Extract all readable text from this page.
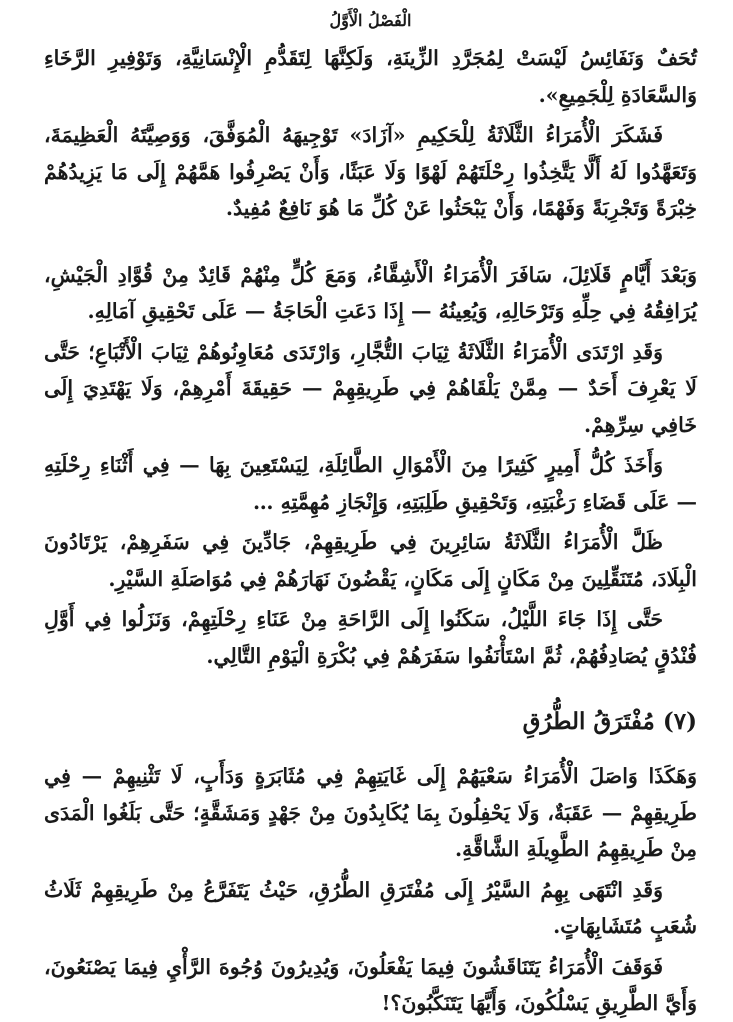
الْفَصْلُ الْأَوَّلُ

تُحَفٌ وَنَفَائِسُ لَيْسَتْ لِمُجَرَّدِ الزِّينَةِ، وَلَكِنَّهَا لِتَقَدُّمِ الْإِنْسَانِيَّةِ، وَتَوْفِيرِ الرَّخَاءِ وَالسَّعَادَةِ لِلْجَمِيعِ».

فَشَكَرَ الْأُمَرَاءُ الثَّلَاثَةُ لِلْحَكِيمِ «آزَادَ» تَوْجِيهَهُ الْمُوَفَّقَ، وَوَصِيَّتَهُ الْعَظِيمَةَ، وَتَعَهَّدُوا لَهُ أَلَّا يَتَّخِذُوا رِحْلَتَهُمْ لَهْوًا وَلَا عَبَثًا، وَأَنْ يَصْرِفُوا هَمَّهُمْ إِلَى مَا يَزِيدُهُمْ خِبْرَةً وَتَجْرِبَةً وَفَهْمًا، وَأَنْ يَبْحَثُوا عَنْ كُلِّ مَا هُوَ نَافِعٌ مُفِيدٌ.

وَبَعْدَ أَيَّامٍ قَلَائِلَ، سَافَرَ الْأُمَرَاءُ الْأَشِقَّاءُ، وَمَعَ كُلٍّ مِنْهُمْ قَائِدٌ مِنْ قُوَّادِ الْجَيْشِ، يُرَافِقُهُ فِي حِلِّهِ وَتَرْحَالِهِ، وَيُعِينُهُ — إِذَا دَعَتِ الْحَاجَةُ — عَلَى تَحْقِيقِ آمَالِهِ.

وَقَدِ ارْتَدَى الْأُمَرَاءُ الثَّلَاثَةُ ثِيَابَ التُّجَّارِ، وَارْتَدَى مُعَاوِنُوهُمْ ثِيَابَ الْأَتْبَاعِ؛ حَتَّى لَا يَعْرِفَ أَحَدٌ — مِمَّنْ يَلْقَاهُمْ فِي طَرِيقِهِمْ — حَقِيقَةَ أَمْرِهِمْ، وَلَا يَهْتَدِيَ إِلَى خَافِي سِرِّهِمْ.

وَأَخَذَ كُلُّ أَمِيرٍ كَثِيرًا مِنَ الْأَمْوَالِ الطَّائِلَةِ، لِيَسْتَعِينَ بِهَا — فِي أَثْنَاءِ رِحْلَتِهِ — عَلَى قَضَاءِ رَغْبَتِهِ، وَتَحْقِيقِ طَلِبَتِهِ، وَإِنْجَازِ مُهِمَّتِهِ …

ظَلَّ الْأُمَرَاءُ الثَّلَاثَةُ سَائِرِينَ فِي طَرِيقِهِمْ، جَادِّينَ فِي سَفَرِهِمْ، يَرْتَادُونَ الْبِلَادَ، مُتَنَقِّلِينَ مِنْ مَكَانٍ إِلَى مَكَانٍ، يَقْضُونَ نَهَارَهُمْ فِي مُوَاصَلَةِ السَّيْرِ.

حَتَّى إِذَا جَاءَ اللَّيْلُ، سَكَنُوا إِلَى الرَّاحَةِ مِنْ عَنَاءِ رِحْلَتِهِمْ، وَنَزَلُوا فِي أَوَّلِ فُنْدُقٍ يُصَادِفُهُمْ، ثُمَّ اسْتَأْنَفُوا سَفَرَهُمْ فِي بُكْرَةِ الْيَوْمِ التَّالِي.

(٧) مُفْتَرَقُ الطُّرُقِ

وَهَكَذَا وَاصَلَ الْأُمَرَاءُ سَعْيَهُمْ إِلَى غَايَتِهِمْ فِي مُثَابَرَةٍ وَدَأَبٍ، لَا تَثْنِيهِمْ — فِي طَرِيقِهِمْ — عَقَبَةٌ، وَلَا يَحْفِلُونَ بِمَا يُكَابِدُونَ مِنْ جَهْدٍ وَمَشَقَّةٍ؛ حَتَّى بَلَغُوا الْمَدَى مِنْ طَرِيقِهِمُ الطَّوِيلَةِ الشَّاقَّةِ.

وَقَدِ انْتَهَى بِهِمُ السَّيْرُ إِلَى مُفْتَرَقِ الطُّرُقِ، حَيْثُ يَتَفَرَّعُ مِنْ طَرِيقِهِمْ ثَلَاثُ شُعَبٍ مُتَشَابِهَاتٍ.

فَوَقَفَ الْأُمَرَاءُ يَتَنَاقَشُونَ فِيمَا يَفْعَلُونَ، وَيُدِيرُونَ وُجُوهَ الرَّأْيِ فِيمَا يَصْنَعُونَ، وَأَيَّ الطَّرِيقِ يَسْلُكُونَ، وَأَيَّهَا يَتَنَكَّبُونَ؟!
